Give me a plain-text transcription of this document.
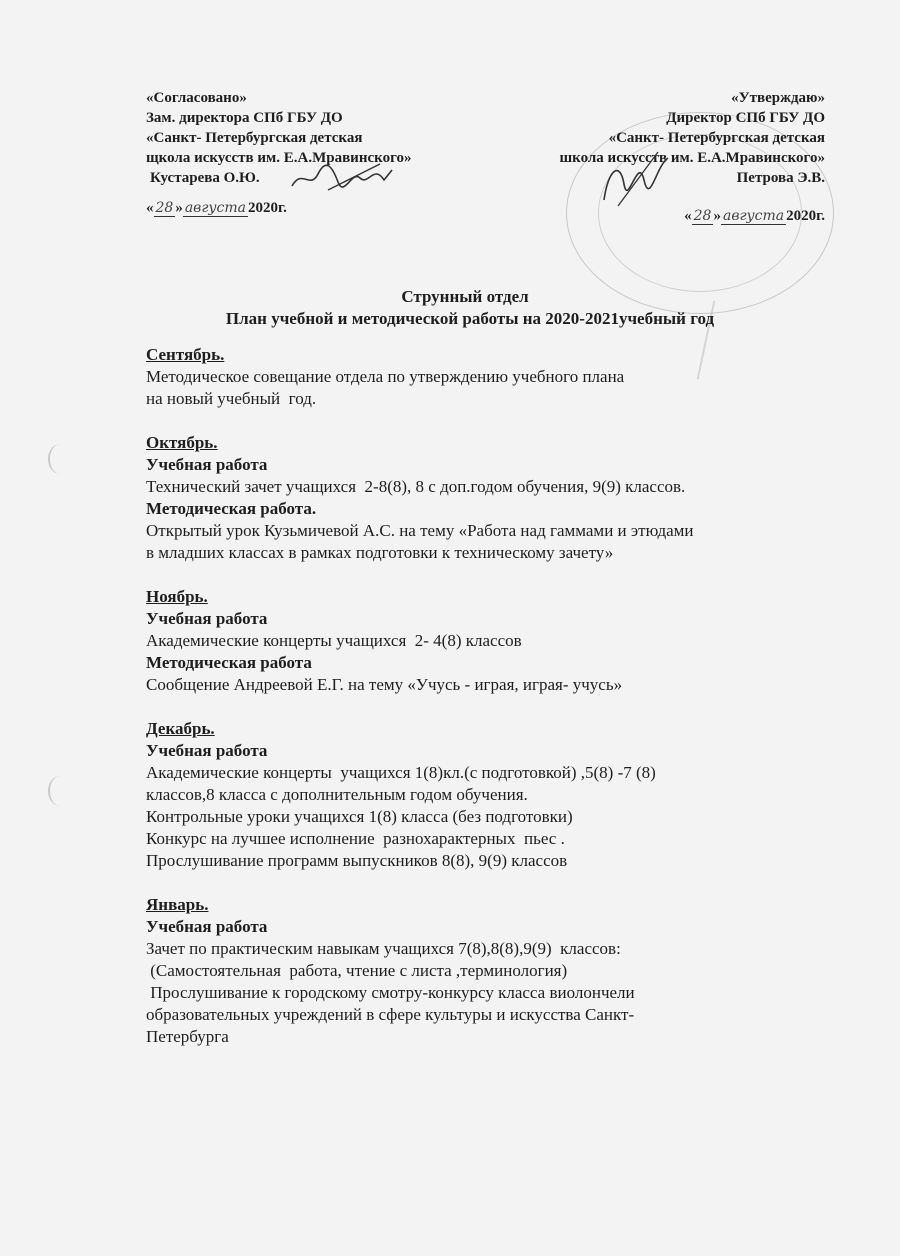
«Согласовано»
Зам. директора СПб ГБУ ДО
«Санкт- Петербургская детская
щкола искусств им. Е.А.Мравинского»
Кустарева О.Ю.
« 28 » августа 2020г.
«Утверждаю»
Директор СПб ГБУ ДО
«Санкт- Петербургская детская
школа искусств им. Е.А.Мравинского»
Петрова Э.В.
« 28 » августа 2020г.
Струнный отдел
План учебной и методической работы на 2020-2021учебный год
Сентябрь.
Методическое совещание отдела по утверждению учебного плана
на новый учебный  год.
Октябрь.
Учебная работа
Технический зачет учащихся  2-8(8), 8 с доп.годом обучения, 9(9) классов.
Методическая работа.
Открытый урок Кузьмичевой А.С. на тему «Работа над гаммами и этюдами
в младших классах в рамках подготовки к техническому зачету»
Ноябрь.
Учебная работа
Академические концерты учащихся  2- 4(8) классов
Методическая работа
Сообщение Андреевой Е.Г. на тему «Учусь - играя, играя- учусь»
Декабрь.
Учебная работа
Академические концерты  учащихся 1(8)кл.(с подготовкой) ,5(8) -7 (8)
классов,8 класса с дополнительным годом обучения.
Контрольные уроки учащихся 1(8) класса (без подготовки)
Конкурс на лучшее исполнение  разнохарактерных  пьес .
Прослушивание программ выпускников 8(8), 9(9) классов
Январь.
Учебная работа
Зачет по практическим навыкам учащихся 7(8),8(8),9(9)  классов:
(Самостоятельная  работа, чтение с листа ,терминология)
Прослушивание к городскому смотру-конкурсу класса виолончели
образовательных учреждений в сфере культуры и искусства Санкт-
Петербурга
